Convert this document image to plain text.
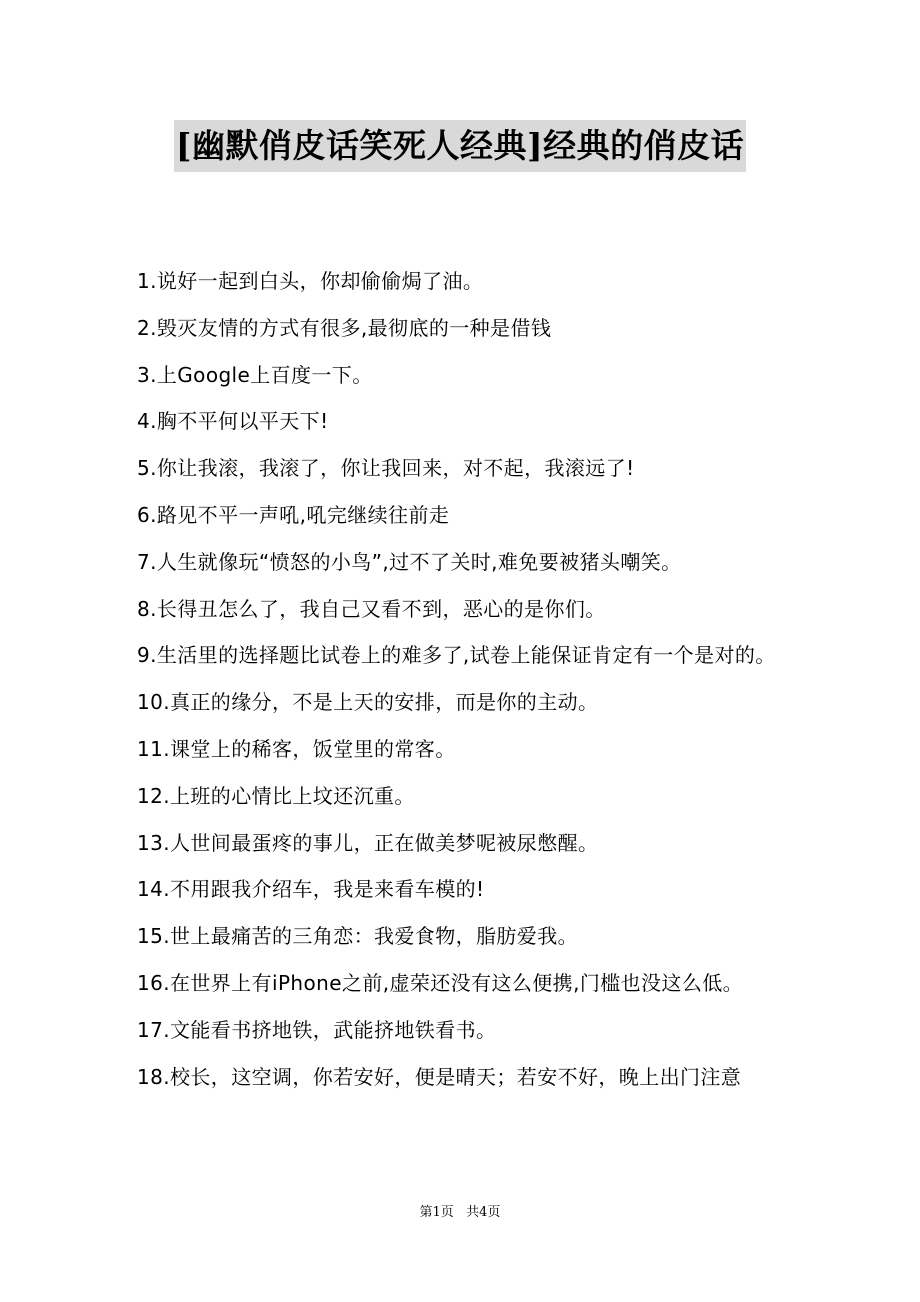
[幽默俏皮话笑死人经典]经典的俏皮话
1.说好一起到白头，你却偷偷焗了油。
2.毁灭友情的方式有很多,最彻底的一种是借钱
3.上Google上百度一下。
4.胸不平何以平天下!
5.你让我滚，我滚了，你让我回来，对不起，我滚远了!
6.路见不平一声吼,吼完继续往前走
7.人生就像玩“愤怒的小鸟”,过不了关时,难免要被猪头嘲笑。
8.长得丑怎么了，我自己又看不到，恶心的是你们。
9.生活里的选择题比试卷上的难多了,试卷上能保证肯定有一个是对的。
10.真正的缘分，不是上天的安排，而是你的主动。
11.课堂上的稀客，饭堂里的常客。
12.上班的心情比上坟还沉重。
13.人世间最蛋疼的事儿，正在做美梦呢被尿憋醒。
14.不用跟我介绍车，我是来看车模的!
15.世上最痛苦的三角恋：我爱食物，脂肪爱我。
16.在世界上有iPhone之前,虚荣还没有这么便携,门槛也没这么低。
17.文能看书挤地铁，武能挤地铁看书。
18.校长，这空调，你若安好，便是晴天；若安不好，晚上出门注意
第1页   共4页
